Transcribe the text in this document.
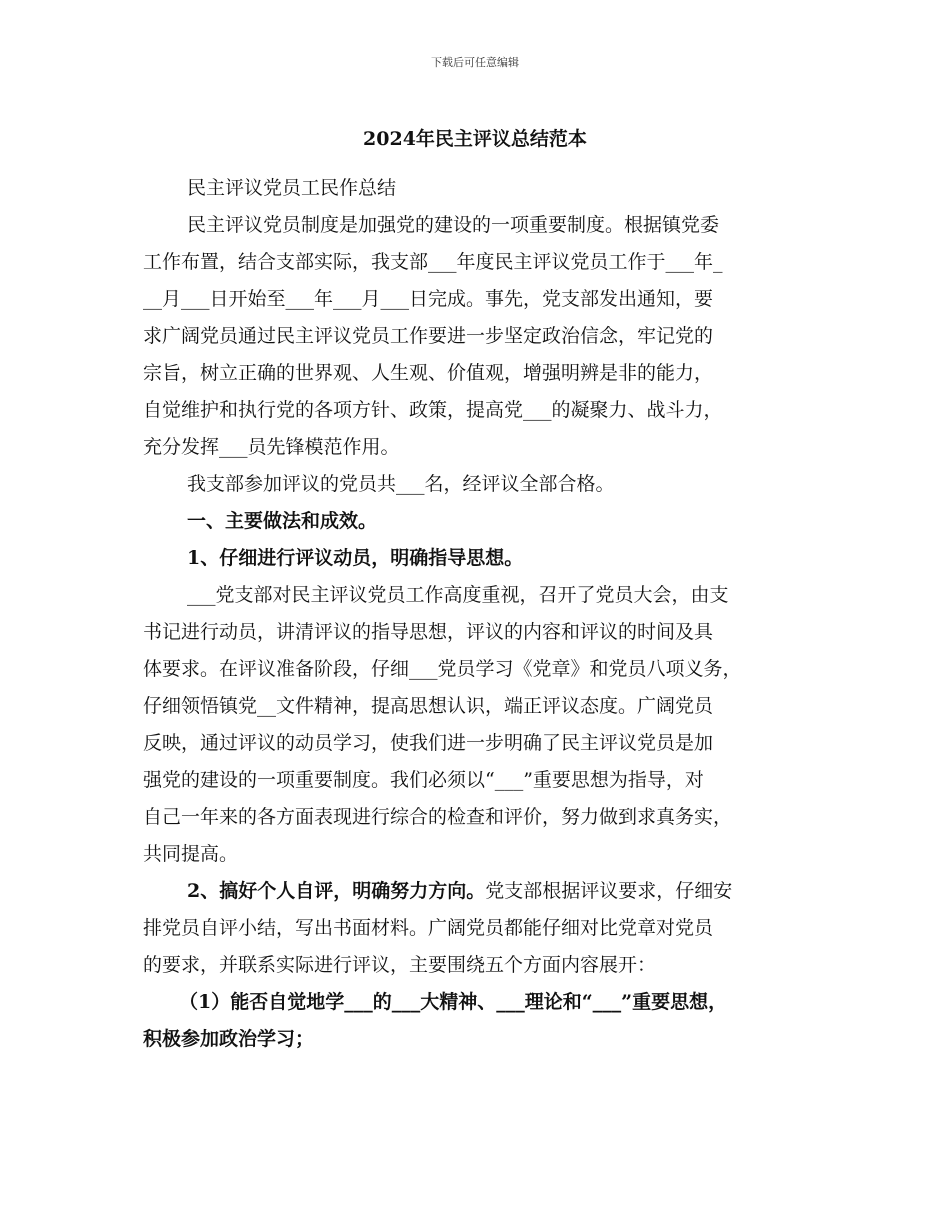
下载后可任意编辑
2024年民主评议总结范本
民主评议党员工民作总结
民主评议党员制度是加强党的建设的一项重要制度。根据镇党委
工作布置，结合支部实际，我支部___年度民主评议党员工作于___年_
__月___日开始至___年___月___日完成。事先，党支部发出通知，要
求广阔党员通过民主评议党员工作要进一步坚定政治信念，牢记党的
宗旨，树立正确的世界观、人生观、价值观，增强明辨是非的能力，
自觉维护和执行党的各项方针、政策，提高党___的凝聚力、战斗力，
充分发挥___员先锋模范作用。
我支部参加评议的党员共___名，经评议全部合格。
一、主要做法和成效。
1、仔细进行评议动员，明确指导思想。
___党支部对民主评议党员工作高度重视，召开了党员大会，由支
书记进行动员，讲清评议的指导思想，评议的内容和评议的时间及具
体要求。在评议准备阶段，仔细___党员学习《党章》和党员八项义务，
仔细领悟镇党__文件精神，提高思想认识，端正评议态度。广阔党员
反映，通过评议的动员学习，使我们进一步明确了民主评议党员是加
强党的建设的一项重要制度。我们必须以“___”重要思想为指导，对
自己一年来的各方面表现进行综合的检查和评价，努力做到求真务实，
共同提高。
2、搞好个人自评，明确努力方向。党支部根据评议要求，仔细安
排党员自评小结，写出书面材料。广阔党员都能仔细对比党章对党员
的要求，并联系实际进行评议，主要围绕五个方面内容展开：
（1）能否自觉地学___的___大精神、___理论和“___”重要思想，
积极参加政治学习；
